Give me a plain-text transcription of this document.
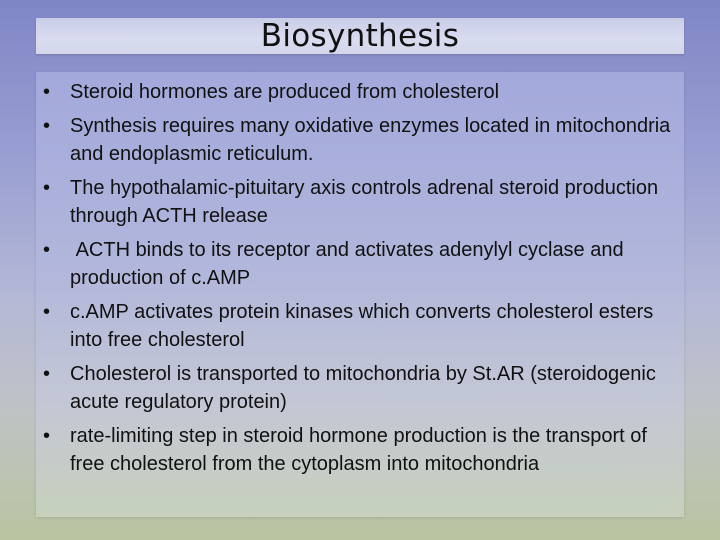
Biosynthesis
• Steroid hormones are produced from cholesterol
• Synthesis requires many oxidative enzymes located in mitochondria and endoplasmic reticulum.
• The hypothalamic-pituitary axis controls adrenal steroid production through ACTH release
• ACTH binds to its receptor and activates adenylyl cyclase and production of c.AMP
• c.AMP activates protein kinases which converts cholesterol esters into free cholesterol
• Cholesterol is transported to mitochondria by St.AR (steroidogenic acute regulatory protein)
• rate-limiting step in steroid hormone production is the transport of free cholesterol from the cytoplasm into mitochondria
